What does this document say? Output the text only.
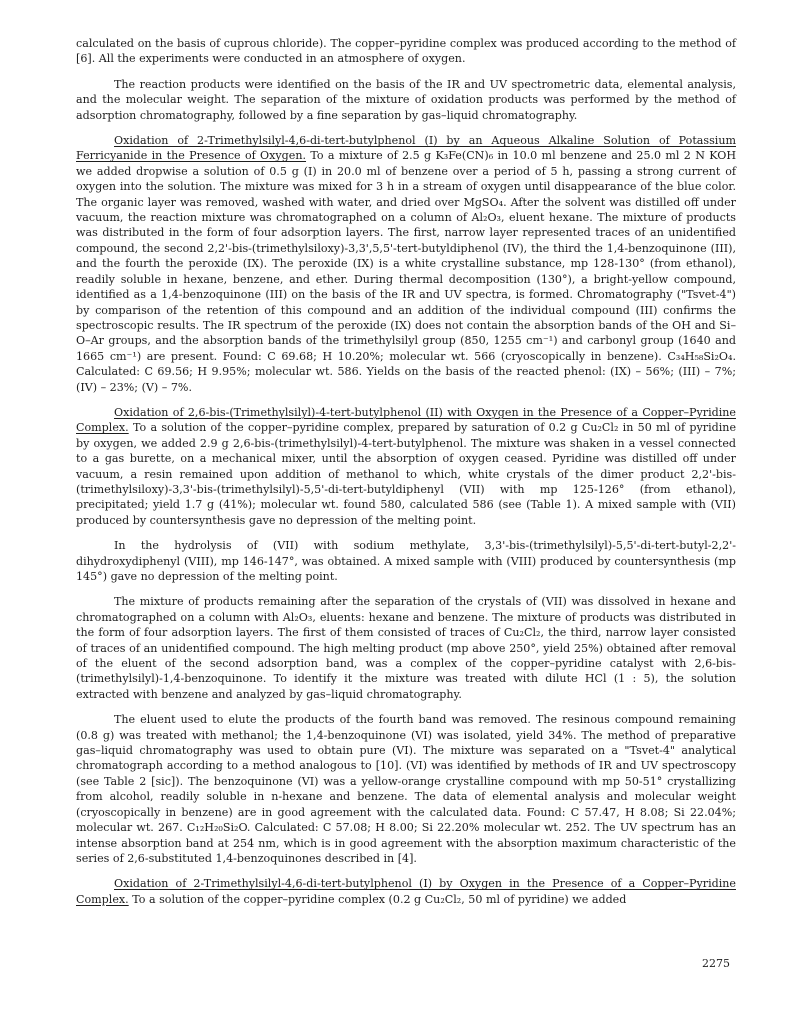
calculated on the basis of cuprous chloride). The copper–pyridine complex was produced according to the method of [6]. All the experiments were conducted in an atmosphere of oxygen.

The reaction products were identified on the basis of the IR and UV spectrometric data, elemental analysis, and the molecular weight. The separation of the mixture of oxidation products was performed by the method of adsorption chromatography, followed by a fine separation by gas–liquid chromatography.

Oxidation of 2-Trimethylsilyl-4,6-di-tert-butylphenol (I) by an Aqueous Alkaline Solution of Potassium Ferricyanide in the Presence of Oxygen. To a mixture of 2.5 g K₃Fe(CN)₆ in 10.0 ml benzene and 25.0 ml 2 N KOH we added dropwise a solution of 0.5 g (I) in 20.0 ml of benzene over a period of 5 h, passing a strong current of oxygen into the solution. The mixture was mixed for 3 h in a stream of oxygen until disappearance of the blue color. The organic layer was removed, washed with water, and dried over MgSO₄. After the solvent was distilled off under vacuum, the reaction mixture was chromatographed on a column of Al₂O₃, eluent hexane. The mixture of products was distributed in the form of four adsorption layers. The first, narrow layer represented traces of an unidentified compound, the second 2,2'-bis-(trimethylsiloxy)-3,3',5,5'-tert-butyldiphenol (IV), the third the 1,4-benzoquinone (III), and the fourth the peroxide (IX). The peroxide (IX) is a white crystalline substance, mp 128-130° (from ethanol), readily soluble in hexane, benzene, and ether. During thermal decomposition (130°), a bright-yellow compound, identified as a 1,4-benzoquinone (III) on the basis of the IR and UV spectra, is formed. Chromatography ("Tsvet-4") by comparison of the retention of this compound and an addition of the individual compound (III) confirms the spectroscopic results. The IR spectrum of the peroxide (IX) does not contain the absorption bands of the OH and Si–O–Ar groups, and the absorption bands of the trimethylsilyl group (850, 1255 cm⁻¹) and carbonyl group (1640 and 1665 cm⁻¹) are present. Found: C 69.68; H 10.20%; molecular wt. 566 (cryoscopically in benzene). C₃₄H₅₈Si₂O₄. Calculated: C 69.56; H 9.95%; molecular wt. 586. Yields on the basis of the reacted phenol: (IX) – 56%; (III) – 7%; (IV) – 23%; (V) – 7%.

Oxidation of 2,6-bis-(Trimethylsilyl)-4-tert-butylphenol (II) with Oxygen in the Presence of a Copper–Pyridine Complex. To a solution of the copper–pyridine complex, prepared by saturation of 0.2 g Cu₂Cl₂ in 50 ml of pyridine by oxygen, we added 2.9 g 2,6-bis-(trimethylsilyl)-4-tert-butylphenol. The mixture was shaken in a vessel connected to a gas burette, on a mechanical mixer, until the absorption of oxygen ceased. Pyridine was distilled off under vacuum, a resin remained upon addition of methanol to which, white crystals of the dimer product 2,2'-bis-(trimethylsiloxy)-3,3'-bis-(trimethylsilyl)-5,5'-di-tert-butyldiphenyl (VII) with mp 125-126° (from ethanol), precipitated; yield 1.7 g (41%); molecular wt. found 580, calculated 586 (see (Table 1). A mixed sample with (VII) produced by countersynthesis gave no depression of the melting point.

In the hydrolysis of (VII) with sodium methylate, 3,3'-bis-(trimethylsilyl)-5,5'-di-tert-butyl-2,2'-dihydroxydiphenyl (VIII), mp 146-147°, was obtained. A mixed sample with (VIII) produced by countersynthesis (mp 145°) gave no depression of the melting point.

The mixture of products remaining after the separation of the crystals of (VII) was dissolved in hexane and chromatographed on a column with Al₂O₃, eluents: hexane and benzene. The mixture of products was distributed in the form of four adsorption layers. The first of them consisted of traces of Cu₂Cl₂, the third, narrow layer consisted of traces of an unidentified compound. The high melting product (mp above 250°, yield 25%) obtained after removal of the eluent of the second adsorption band, was a complex of the copper–pyridine catalyst with 2,6-bis-(trimethylsilyl)-1,4-benzoquinone. To identify it the mixture was treated with dilute HCl (1 : 5), the solution extracted with benzene and analyzed by gas–liquid chromatography.

The eluent used to elute the products of the fourth band was removed. The resinous compound remaining (0.8 g) was treated with methanol; the 1,4-benzoquinone (VI) was isolated, yield 34%. The method of preparative gas–liquid chromatography was used to obtain pure (VI). The mixture was separated on a "Tsvet-4" analytical chromatograph according to a method analogous to [10]. (VI) was identified by methods of IR and UV spectroscopy (see Table 2 [sic]). The benzoquinone (VI) was a yellow-orange crystalline compound with mp 50-51° crystallizing from alcohol, readily soluble in n-hexane and benzene. The data of elemental analysis and molecular weight (cryoscopically in benzene) are in good agreement with the calculated data. Found: C 57.47, H 8.08; Si 22.04%; molecular wt. 267. C₁₂H₂₀Si₂O. Calculated: C 57.08; H 8.00; Si 22.20% molecular wt. 252. The UV spectrum has an intense absorption band at 254 nm, which is in good agreement with the absorption maximum characteristic of the series of 2,6-substituted 1,4-benzoquinones described in [4].

Oxidation of 2-Trimethylsilyl-4,6-di-tert-butylphenol (I) by Oxygen in the Presence of a Copper–Pyridine Complex. To a solution of the copper–pyridine complex (0.2 g Cu₂Cl₂, 50 ml of pyridine) we added

2275
